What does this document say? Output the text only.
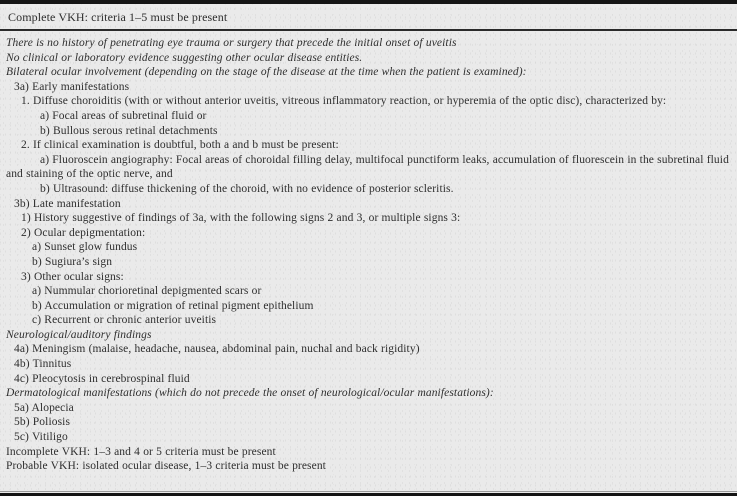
Complete VKH: criteria 1–5 must be present
There is no history of penetrating eye trauma or surgery that precede the initial onset of uveitis
No clinical or laboratory evidence suggesting other ocular disease entities.
Bilateral ocular involvement (depending on the stage of the disease at the time when the patient is examined):
3a) Early manifestations
1. Diffuse choroiditis (with or without anterior uveitis, vitreous inflammatory reaction, or hyperemia of the optic disc), characterized by:
a) Focal areas of subretinal fluid or
b) Bullous serous retinal detachments
2. If clinical examination is doubtful, both a and b must be present:
a) Fluoroscein angiography: Focal areas of choroidal filling delay, multifocal punctiform leaks, accumulation of fluorescein in the subretinal fluid and staining of the optic nerve, and
b) Ultrasound: diffuse thickening of the choroid, with no evidence of posterior scleritis.
3b) Late manifestation
1) History suggestive of findings of 3a, with the following signs 2 and 3, or multiple signs 3:
2) Ocular depigmentation:
a) Sunset glow fundus
b) Sugiura’s sign
3) Other ocular signs:
a) Nummular chorioretinal depigmented scars or
b) Accumulation or migration of retinal pigment epithelium
c) Recurrent or chronic anterior uveitis
Neurological/auditory findings
4a) Meningism (malaise, headache, nausea, abdominal pain, nuchal and back rigidity)
4b) Tinnitus
4c) Pleocytosis in cerebrospinal fluid
Dermatological manifestations (which do not precede the onset of neurological/ocular manifestations):
5a) Alopecia
5b) Poliosis
5c) Vitiligo
Incomplete VKH: 1–3 and 4 or 5 criteria must be present
Probable VKH: isolated ocular disease, 1–3 criteria must be present
